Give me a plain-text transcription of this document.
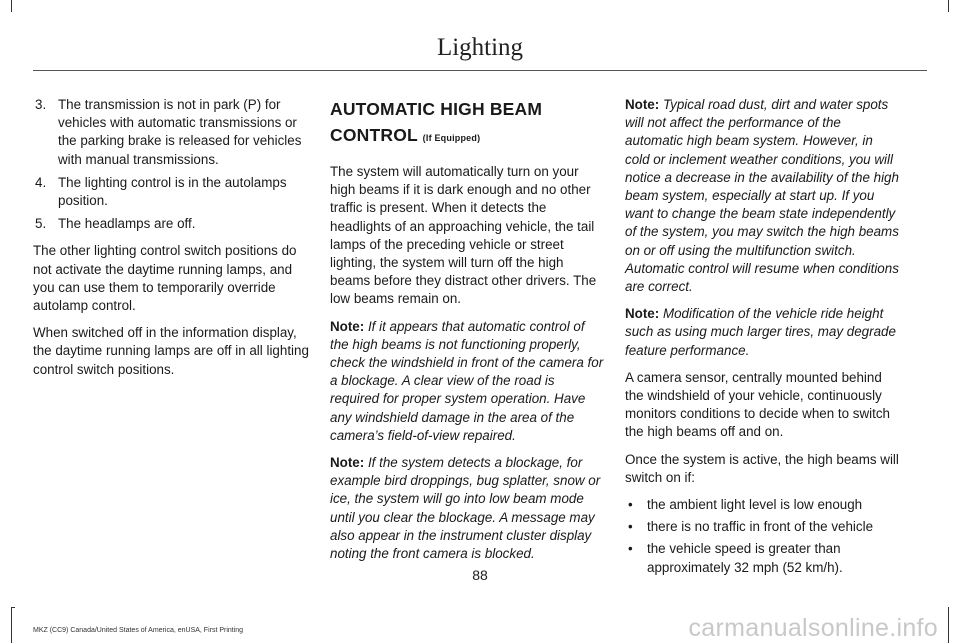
Lighting
3. The transmission is not in park (P) for vehicles with automatic transmissions or the parking brake is released for vehicles with manual transmissions.
4. The lighting control is in the autolamps position.
5. The headlamps are off.

The other lighting control switch positions do not activate the daytime running lamps, and you can use them to temporarily override autolamp control.

When switched off in the information display, the daytime running lamps are off in all lighting control switch positions.

AUTOMATIC HIGH BEAM
CONTROL (If Equipped)

The system will automatically turn on your high beams if it is dark enough and no other traffic is present. When it detects the headlights of an approaching vehicle, the tail lamps of the preceding vehicle or street lighting, the system will turn off the high beams before they distract other drivers. The low beams remain on.

Note: If it appears that automatic control of the high beams is not functioning properly, check the windshield in front of the camera for a blockage. A clear view of the road is required for proper system operation. Have any windshield damage in the area of the camera’s field-of-view repaired.

Note: If the system detects a blockage, for example bird droppings, bug splatter, snow or ice, the system will go into low beam mode until you clear the blockage. A message may also appear in the instrument cluster display noting the front camera is blocked.

Note: Typical road dust, dirt and water spots will not affect the performance of the automatic high beam system. However, in cold or inclement weather conditions, you will notice a decrease in the availability of the high beam system, especially at start up. If you want to change the beam state independently of the system, you may switch the high beams on or off using the multifunction switch. Automatic control will resume when conditions are correct.

Note: Modification of the vehicle ride height such as using much larger tires, may degrade feature performance.

A camera sensor, centrally mounted behind the windshield of your vehicle, continuously monitors conditions to decide when to switch the high beams off and on.

Once the system is active, the high beams will switch on if:

• the ambient light level is low enough
• there is no traffic in front of the vehicle
• the vehicle speed is greater than approximately 32 mph (52 km/h).
88
MKZ (CC9) Canada/United States of America, enUSA, First Printing	carmanualsonline.info
